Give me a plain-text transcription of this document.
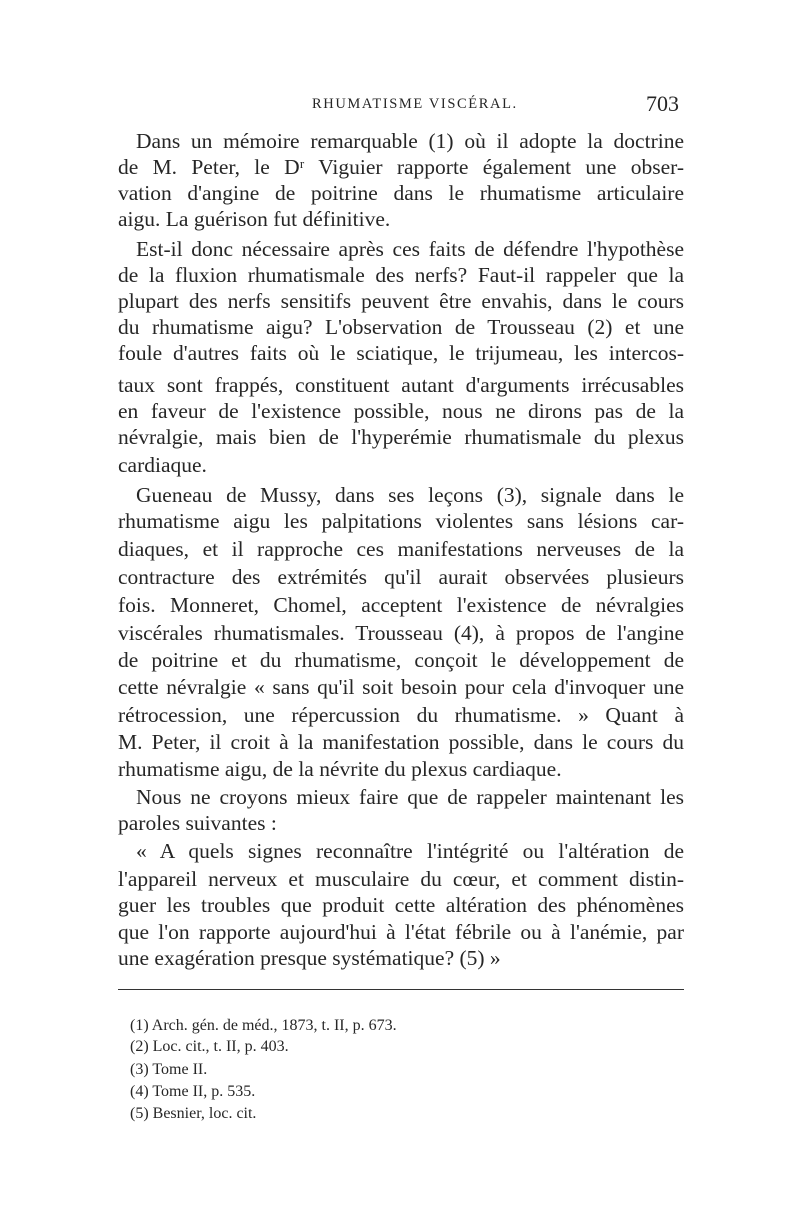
RHUMATISME VISCÉRAL.	703
Dans un mémoire remarquable (1) où il adopte la doctrine
de M. Peter, le Dʳ Viguier rapporte également une obser-
vation d'angine de poitrine dans le rhumatisme articulaire
aigu. La guérison fut définitive.
Est-il donc nécessaire après ces faits de défendre l'hypothèse
de la fluxion rhumatismale des nerfs? Faut-il rappeler que la
plupart des nerfs sensitifs peuvent être envahis, dans le cours
du rhumatisme aigu? L'observation de Trousseau (2) et une
foule d'autres faits où le sciatique, le trijumeau, les intercos-
taux sont frappés, constituent autant d'arguments irrécusables
en faveur de l'existence possible, nous ne dirons pas de la
névralgie, mais bien de l'hyperémie rhumatismale du plexus
cardiaque.
Gueneau de Mussy, dans ses leçons (3), signale dans le
rhumatisme aigu les palpitations violentes sans lésions car-
diaques, et il rapproche ces manifestations nerveuses de la
contracture des extrémités qu'il aurait observées plusieurs
fois. Monneret, Chomel, acceptent l'existence de névralgies
viscérales rhumatismales. Trousseau (4), à propos de l'angine
de poitrine et du rhumatisme, conçoit le développement de
cette névralgie « sans qu'il soit besoin pour cela d'invoquer une
rétrocession, une répercussion du rhumatisme. » Quant à
M. Peter, il croit à la manifestation possible, dans le cours du
rhumatisme aigu, de la névrite du plexus cardiaque.
Nous ne croyons mieux faire que de rappeler maintenant les
paroles suivantes :
« A quels signes reconnaître l'intégrité ou l'altération de
l'appareil nerveux et musculaire du cœur, et comment distin-
guer les troubles que produit cette altération des phénomènes
que l'on rapporte aujourd'hui à l'état fébrile ou à l'anémie, par
une exagération presque systématique? (5) »
(1) Arch. gén. de méd., 1873, t. II, p. 673.
(2) Loc. cit., t. II, p. 403.
(3) Tome II.
(4) Tome II, p. 535.
(5) Besnier, loc. cit.
